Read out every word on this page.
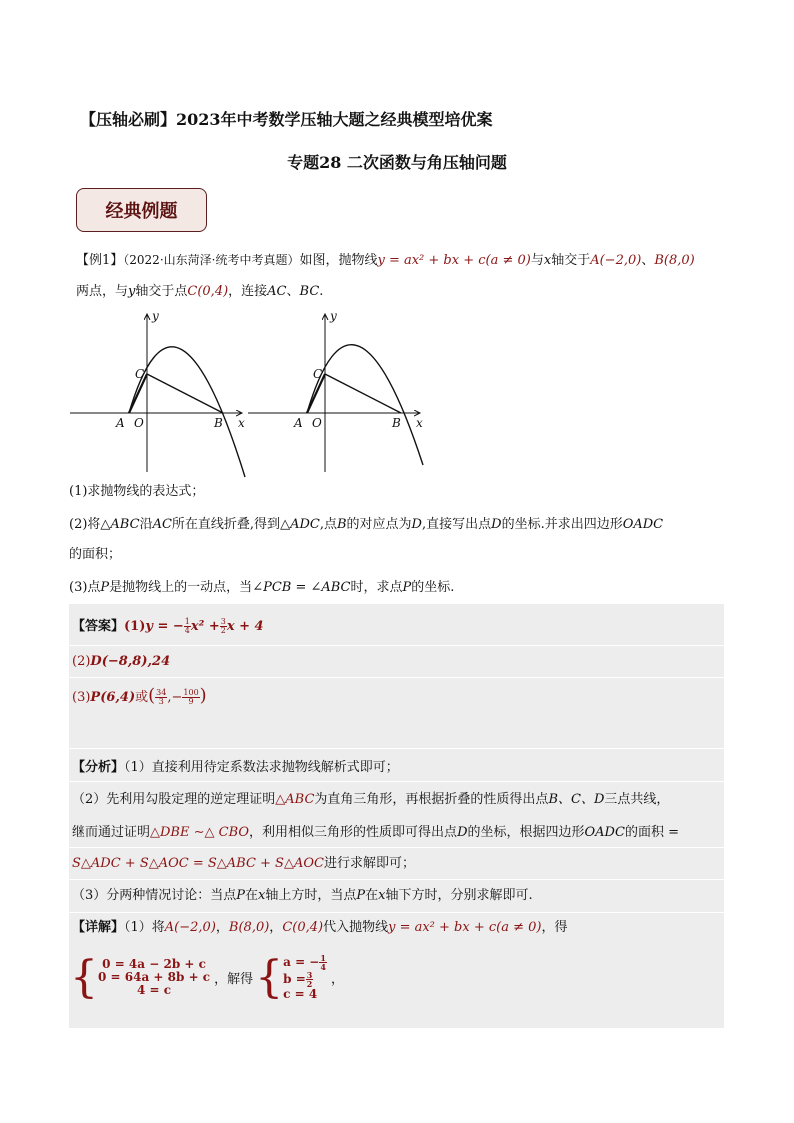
【压轴必刷】2023年中考数学压轴大题之经典模型培优案
专题28 二次函数与角压轴问题
经典例题
【例1】（2022·山东菏泽·统考中考真题）如图，抛物线y = ax² + bx + c(a ≠ 0)与x轴交于A(−2,0)、B(8,0)
两点，与y轴交于点C(0,4)，连接AC、BC.
y
x
A O	B
C
y
x
A O	B
C
(1)求抛物线的表达式；
(2)将△ABC沿AC所在直线折叠,得到△ADC,点B的对应点为D,直接写出点D的坐标.并求出四边形OADC
的面积；
(3)点P是抛物线上的一动点，当∠PCB = ∠ABC时，求点P的坐标.
【答案】(1)y = − $\frac{1}{4} x^2 + \frac{3}{2}$ x + 4
(2)D(−8,8),24
(3)P(6,4)或( $\frac{34}{3}$ ,− $\frac{100}{9}$ )
【分析】（1）直接利用待定系数法求抛物线解析式即可；
（2）先利用勾股定理的逆定理证明△ABC为直角三角形，再根据折叠的性质得出点B、C、D三点共线，
继而通过证明△DBE ∼△ CBO，利用相似三角形的性质即可得出点D的坐标，根据四边形OADC的面积 =
S△ADC + S△AOC = S△ABC + S△AOC进行求解即可；
（3）分两种情况讨论：当点P在x轴上方时，当点P在x轴下方时，分别求解即可.
【详解】（1）将A(−2,0)，B(8,0)，C(0,4)代入抛物线y = ax² + bx + c(a ≠ 0)，得
{ 0 = 4a − 2b + c
0 = 64a + 8b + c
4 = c
，解得 { a = − $\frac{1}{4}$
$b = \frac{3}{2}$
c = 4
，
